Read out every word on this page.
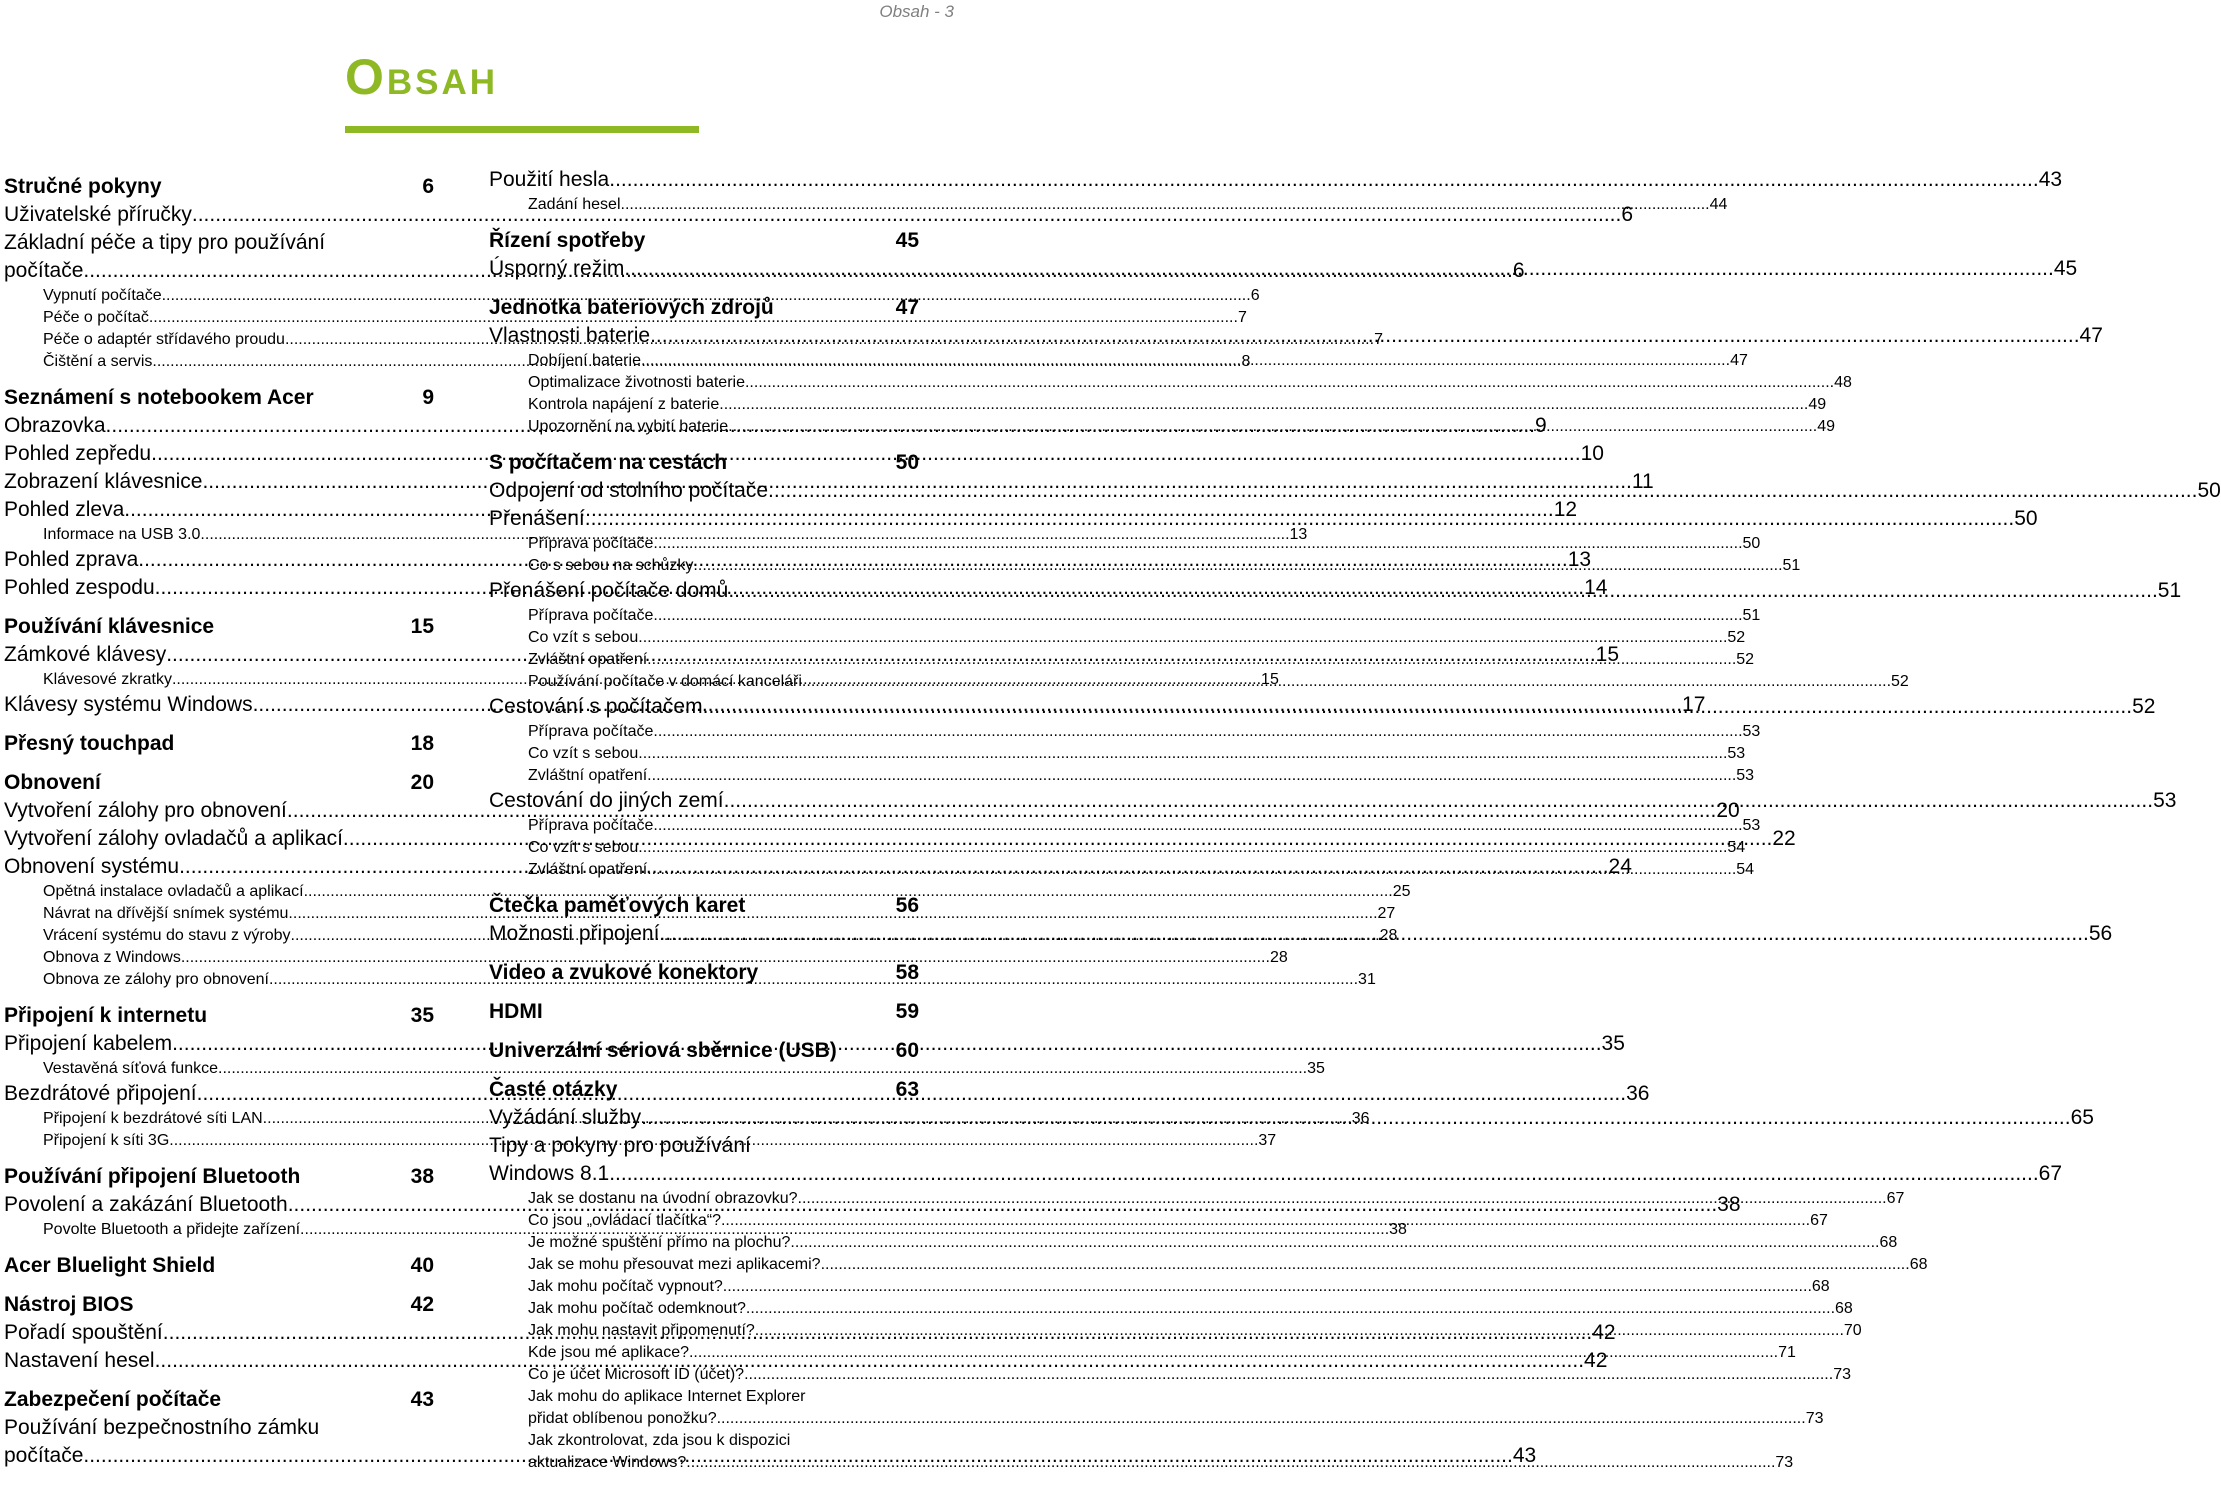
Obsah - 3
Obsah
Stručné pokyny	6
Uživatelské příručky .....	6
Základní péče a tipy pro používání
počítače .....	6
Vypnutí počítače .....	6
Péče o počítač .....	7
Péče o adaptér střídavého proudu .....	7
Čištění a servis .....	8
Seznámení s notebookem Acer	9
Obrazovka .....	9
Pohled zepředu .....	10
Zobrazení klávesnice .....	11
Pohled zleva .....	12
Informace na USB 3.0 .....	13
Pohled zprava .....	13
Pohled zespodu .....	14
Používání klávesnice	15
Zámkové klávesy .....	15
Klávesové zkratky .....	15
Klávesy systému Windows .....	17
Přesný touchpad	18
Obnovení	20
Vytvoření zálohy pro obnovení .....	20
Vytvoření zálohy ovladačů a aplikací .....	22
Obnovení systému .....	24
Opětná instalace ovladačů a aplikací .....	25
Návrat na dřívější snímek systému .....	27
Vrácení systému do stavu z výroby .....	28
Obnova z Windows .....	28
Obnova ze zálohy pro obnovení .....	31
Připojení k internetu	35
Připojení kabelem .....	35
Vestavěná síťová funkce .....	35
Bezdrátové připojení .....	36
Připojení k bezdrátové síti LAN .....	36
Připojení k síti 3G .....	37
Používání připojení Bluetooth	38
Povolení a zakázání Bluetooth .....	38
Povolte Bluetooth a přidejte zařízení .....	38
Acer Bluelight Shield	40
Nástroj BIOS	42
Pořadí spouštění .....	42
Nastavení hesel .....	42
Zabezpečení počítače	43
Používání bezpečnostního zámku
počítače .....	43
Použití hesla .....	43
Zadání hesel .....	44
Řízení spotřeby	45
Úsporný režim .....	45
Jednotka bateriových zdrojů	47
Vlastnosti baterie .....	47
Dobíjení baterie .....	47
Optimalizace životnosti baterie .....	48
Kontrola napájení z baterie .....	49
Upozornění na vybití baterie .....	49
S počítačem na cestách	50
Odpojení od stolního počítače .....	50
Přenášení .....	50
Příprava počítače .....	50
Co s sebou na schůzky .....	51
Přenášení počítače domů .....	51
Příprava počítače .....	51
Co vzít s sebou .....	52
Zvláštní opatření .....	52
Používání počítače v domácí kanceláři .....	52
Cestování s počítačem .....	52
Příprava počítače .....	53
Co vzít s sebou .....	53
Zvláštní opatření .....	53
Cestování do jiných zemí .....	53
Příprava počítače .....	53
Co vzít s sebou .....	54
Zvláštní opatření .....	54
Čtečka paměťových karet	56
Možnosti připojení .....	56
Video a zvukové konektory	58
HDMI	59
Univerzální sériová sběrnice (USB)	60
Časté otázky	63
Vyžádání služby .....	65
Tipy a pokyny pro používání
Windows 8.1 .....	67
Jak se dostanu na úvodní obrazovku? .....	67
Co jsou „ovládací tlačítka“? .....	67
Je možné spuštění přímo na plochu? .....	68
Jak se mohu přesouvat mezi aplikacemi? .....	68
Jak mohu počítač vypnout? .....	68
Jak mohu počítač odemknout? .....	68
Jak mohu nastavit připomenutí? .....	70
Kde jsou mé aplikace? .....	71
Co je účet Microsoft ID (účet)? .....	73
Jak mohu do aplikace Internet Explorer
přidat oblíbenou ponožku? .....	73
Jak zkontrolovat, zda jsou k dispozici
aktualizace Windows? .....	73
